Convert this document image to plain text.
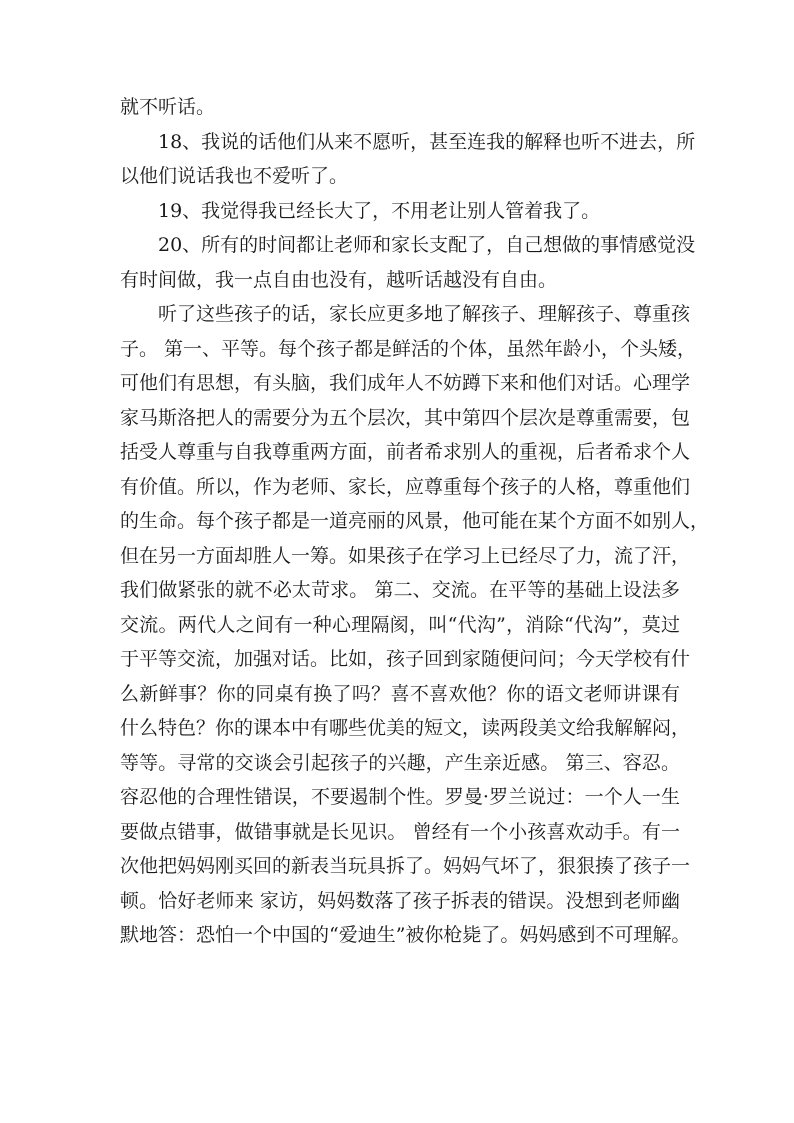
就不听话。
18、我说的话他们从来不愿听，甚至连我的解释也听不进去，所
以他们说话我也不爱听了。
19、我觉得我已经长大了，不用老让别人管着我了。
20、所有的时间都让老师和家长支配了，自己想做的事情感觉没
有时间做，我一点自由也没有，越听话越没有自由。
听了这些孩子的话，家长应更多地了解孩子、理解孩子、尊重孩
子。 第一、平等。每个孩子都是鲜活的个体，虽然年龄小，个头矮，
可他们有思想，有头脑，我们成年人不妨蹲下来和他们对话。心理学
家马斯洛把人的需要分为五个层次，其中第四个层次是尊重需要，包
括受人尊重与自我尊重两方面，前者希求别人的重视，后者希求个人
有价值。所以，作为老师、家长，应尊重每个孩子的人格，尊重他们
的生命。每个孩子都是一道亮丽的风景，他可能在某个方面不如别人，
但在另一方面却胜人一筹。如果孩子在学习上已经尽了力，流了汗，
我们做紧张的就不必太苛求。 第二、交流。在平等的基础上设法多
交流。两代人之间有一种心理隔阂，叫“代沟”，消除“代沟”，莫过
于平等交流，加强对话。比如，孩子回到家随便问问；今天学校有什
么新鲜事？你的同桌有换了吗？喜不喜欢他？你的语文老师讲课有
什么特色？你的课本中有哪些优美的短文，读两段美文给我解解闷，
等等。寻常的交谈会引起孩子的兴趣，产生亲近感。 第三、容忍。
容忍他的合理性错误，不要遏制个性。罗曼·罗兰说过：一个人一生
要做点错事，做错事就是长见识。 曾经有一个小孩喜欢动手。有一
次他把妈妈刚买回的新表当玩具拆了。妈妈气坏了，狠狠揍了孩子一
顿。恰好老师来 家访，妈妈数落了孩子拆表的错误。没想到老师幽
默地答：恐怕一个中国的“爱迪生”被你枪毙了。妈妈感到不可理解。
